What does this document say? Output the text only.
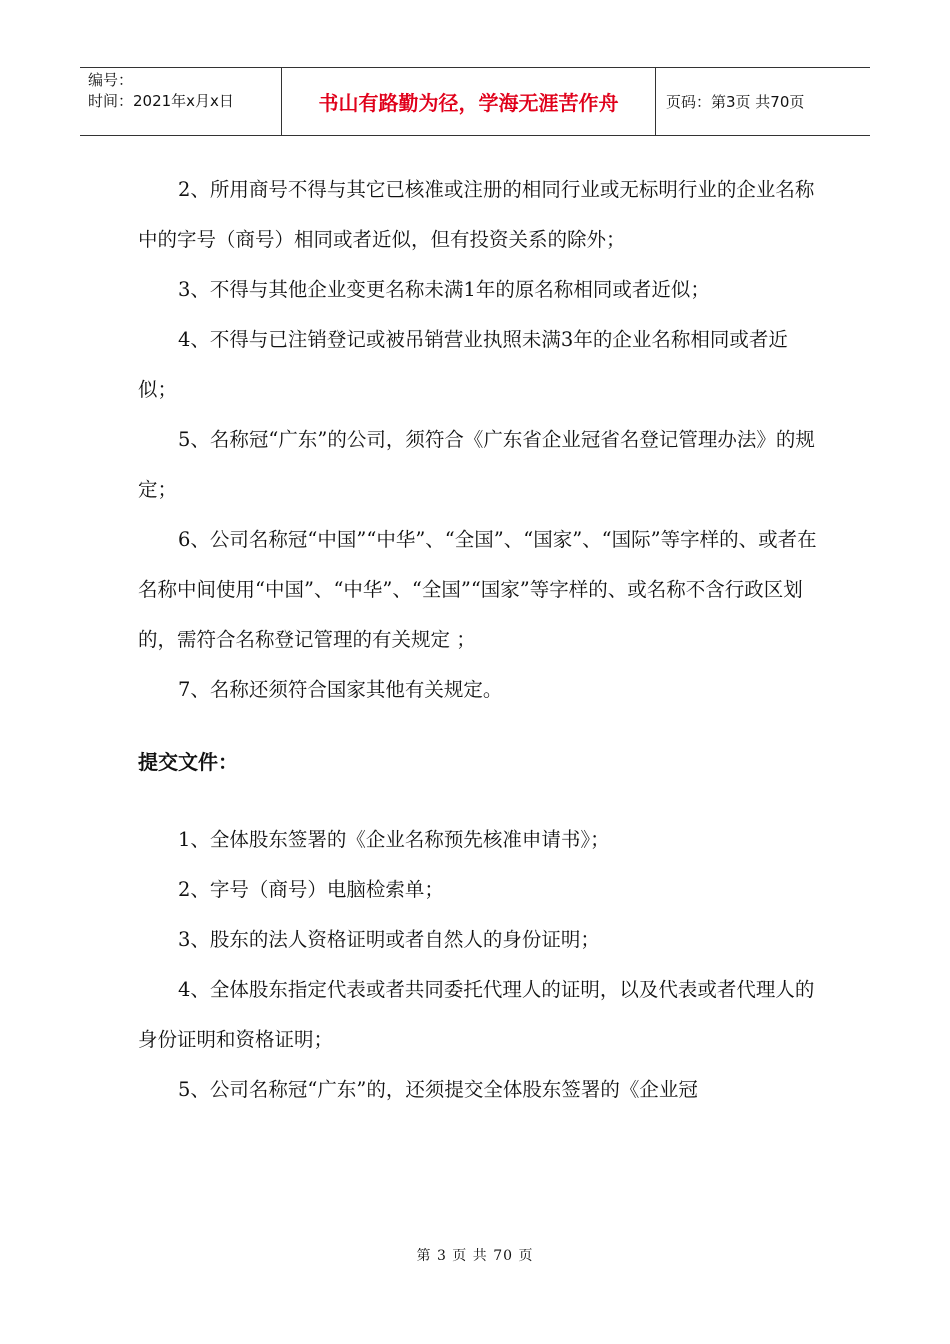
编号：
时间：2021年x月x日	书山有路勤为径，学海无涯苦作舟	页码：第3页 共70页

2、所用商号不得与其它已核准或注册的相同行业或无标明行业的企业名称中的字号（商号）相同或者近似，但有投资关系的除外；

3、不得与其他企业变更名称未满1年的原名称相同或者近似；

4、不得与已注销登记或被吊销营业执照未满3年的企业名称相同或者近似；

5、名称冠“广东”的公司，须符合《广东省企业冠省名登记管理办法》的规定；

6、公司名称冠“中国”“中华”、“全国”、“国家”、“国际”等字样的、或者在名称中间使用“中国”、“中华”、“全国”“国家”等字样的、或名称不含行政区划的，需符合名称登记管理的有关规定 ；

7、名称还须符合国家其他有关规定。

提交文件：

1、全体股东签署的《企业名称预先核准申请书》；

2、字号（商号）电脑检索单；

3、股东的法人资格证明或者自然人的身份证明；

4、全体股东指定代表或者共同委托代理人的证明，以及代表或者代理人的身份证明和资格证明；

5、公司名称冠“广东”的，还须提交全体股东签署的《企业冠

第 3 页 共 70 页
